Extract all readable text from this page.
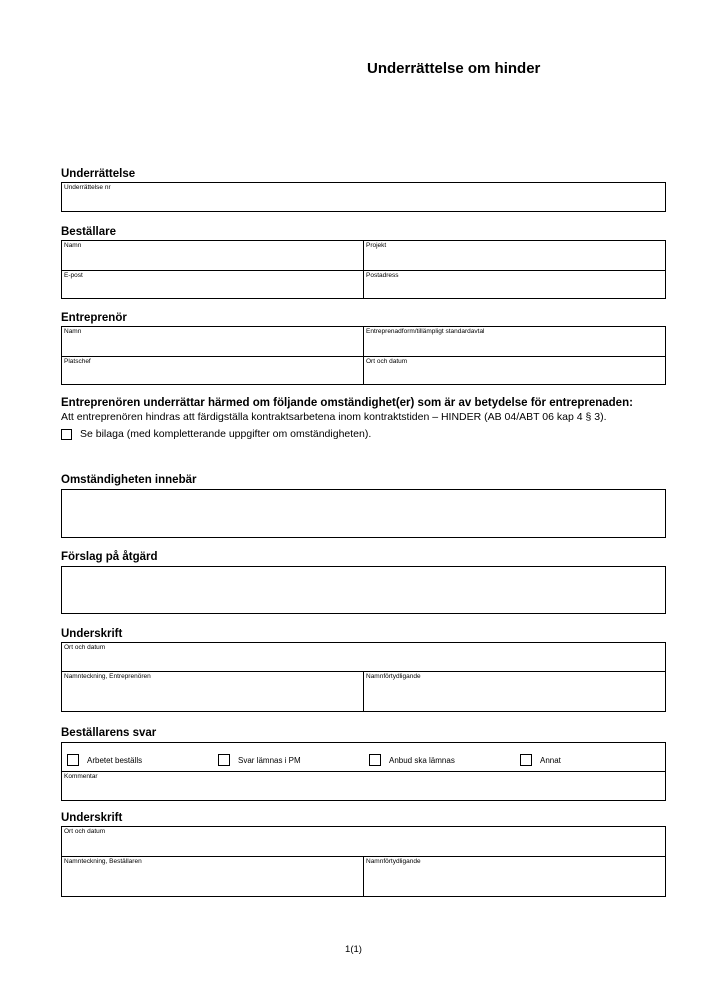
Underrättelse om hinder
Underrättelse
Underrättelse nr
Beställare
Namn	Projekt
E-post	Postadress
Entreprenör
Namn	Entreprenadform/tillämpligt standardavtal
Platschef	Ort och datum
Entreprenören underrättar härmed om följande omständighet(er) som är av betydelse för entreprenaden:
Att entreprenören hindras att färdigställa kontraktsarbetena inom kontraktstiden – HINDER (AB 04/ABT 06 kap 4 § 3).
Se bilaga (med kompletterande uppgifter om omständigheten).
Omständigheten innebär
Förslag på åtgärd
Underskrift
Ort och datum
Namnteckning, Entreprenören	Namnförtydligande
Beställarens svar
Arbetet beställs	Svar lämnas i PM	Anbud ska lämnas	Annat
Kommentar
Underskrift
Ort och datum
Namnteckning, Beställaren	Namnförtydligande
1(1)
